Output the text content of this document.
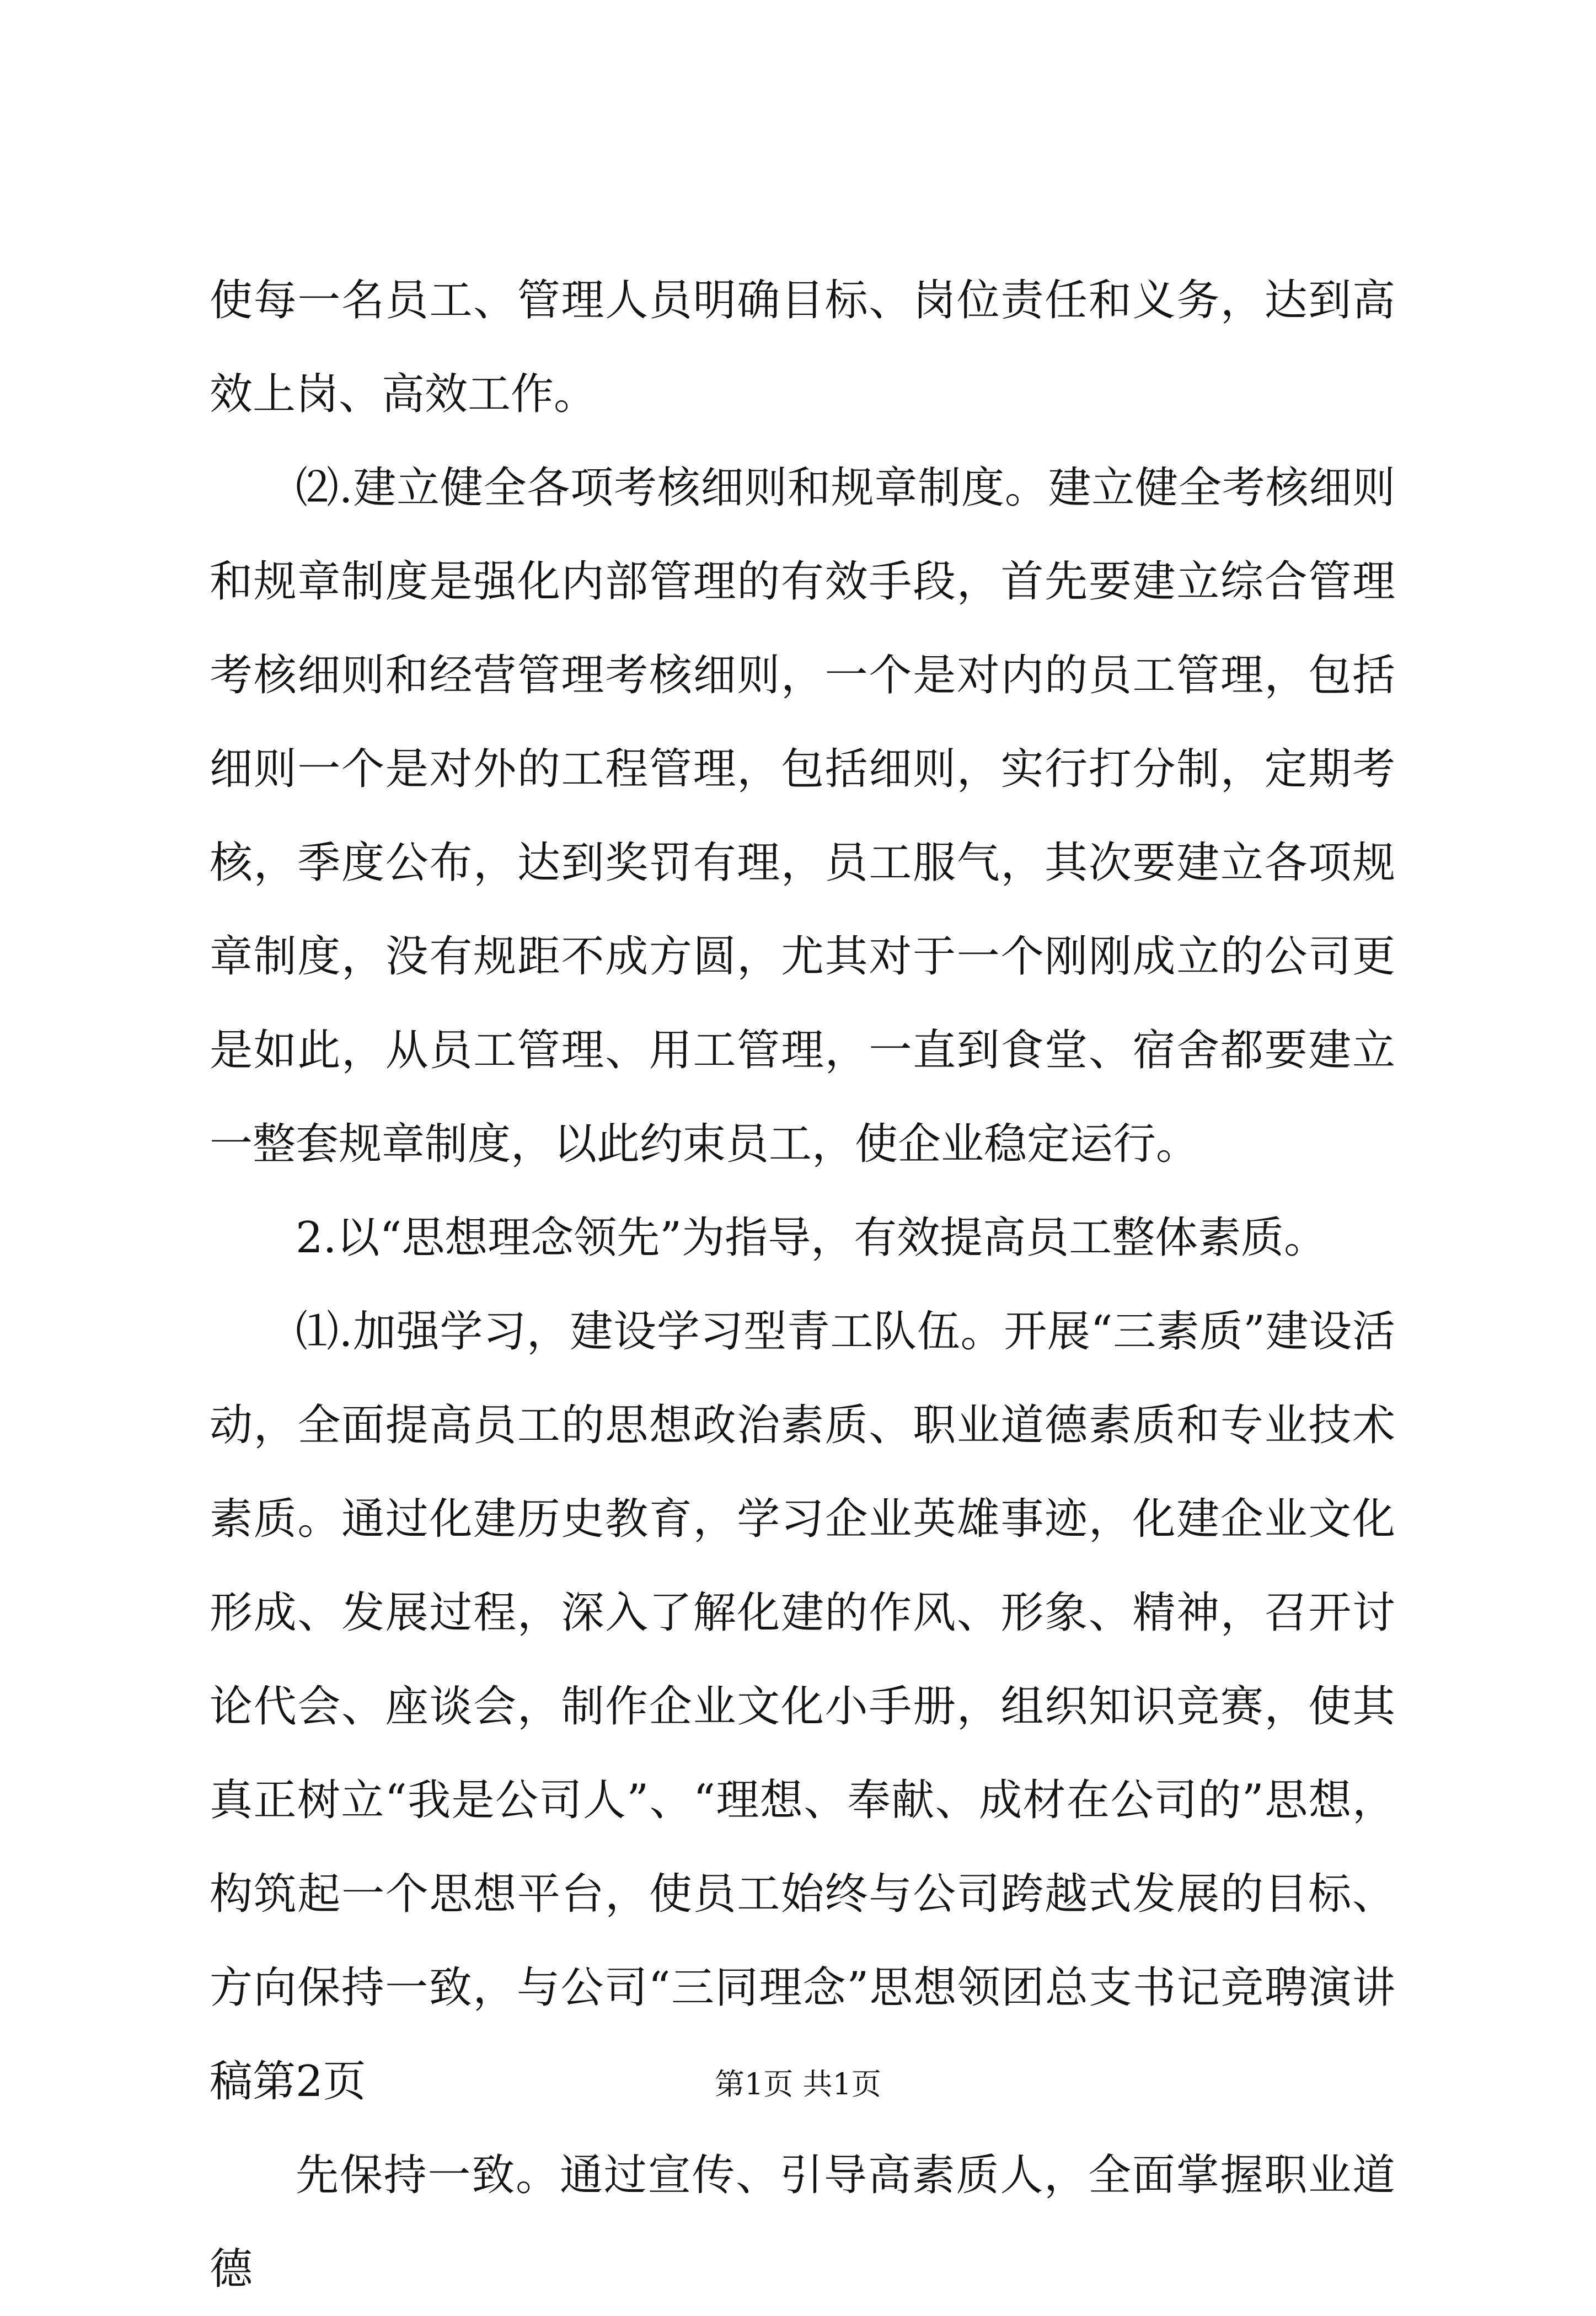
使每一名员工、管理人员明确目标、岗位责任和义务，达到高效上岗、高效工作。

⑵.建立健全各项考核细则和规章制度。建立健全考核细则和规章制度是强化内部管理的有效手段，首先要建立综合管理考核细则和经营管理考核细则，一个是对内的员工管理，包括细则一个是对外的工程管理，包括细则，实行打分制，定期考核，季度公布，达到奖罚有理，员工服气，其次要建立各项规章制度，没有规距不成方圆，尤其对于一个刚刚成立的公司更是如此，从员工管理、用工管理，一直到食堂、宿舍都要建立一整套规章制度，以此约束员工，使企业稳定运行。

2.以“思想理念领先”为指导，有效提高员工整体素质。

⑴.加强学习，建设学习型青工队伍。开展“三素质”建设活动，全面提高员工的思想政治素质、职业道德素质和专业技术素质。通过化建历史教育，学习企业英雄事迹，化建企业文化形成、发展过程，深入了解化建的作风、形象、精神，召开讨论代会、座谈会，制作企业文化小手册，组织知识竞赛，使其真正树立“我是公司人”、“理想、奉献、成材在公司的”思想，构筑起一个思想平台，使员工始终与公司跨越式发展的目标、方向保持一致，与公司“三同理念”思想领团总支书记竞聘演讲稿第2页

先保持一致。通过宣传、引导高素质人，全面掌握职业道德

第1页 共1页
